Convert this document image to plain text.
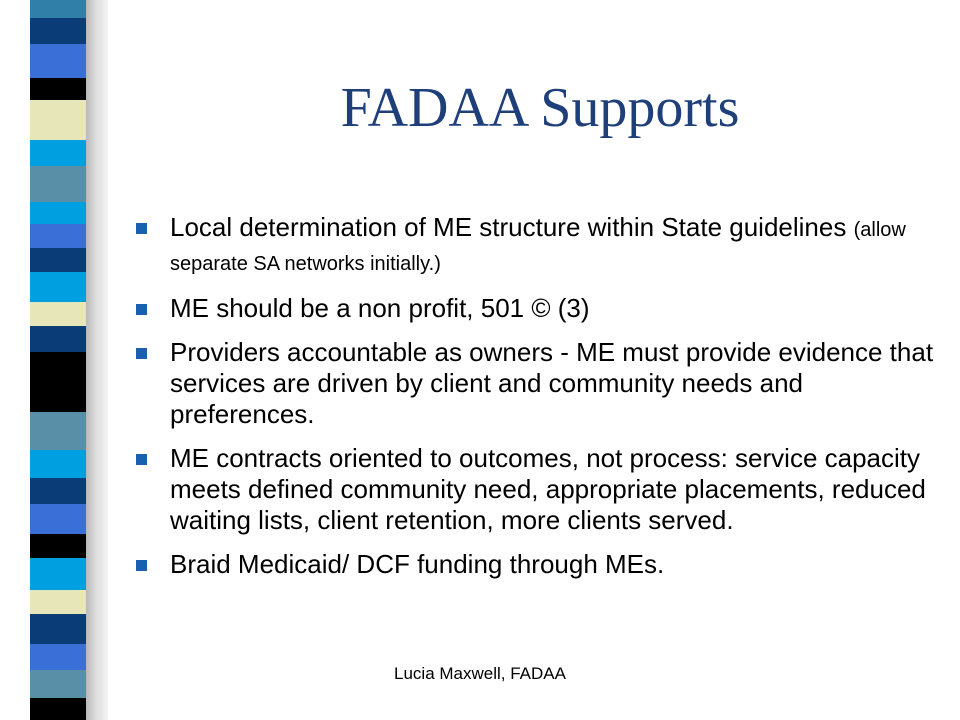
FADAA Supports
Local determination of ME structure within State guidelines (allow separate SA networks initially.)
ME should be a non profit, 501 © (3)
Providers accountable as owners - ME must provide evidence that services are driven by client and community needs and preferences.
ME contracts oriented to outcomes, not process: service capacity meets defined community need, appropriate placements, reduced waiting lists, client retention, more clients served.
Braid Medicaid/ DCF funding through MEs.
Lucia Maxwell, FADAA
